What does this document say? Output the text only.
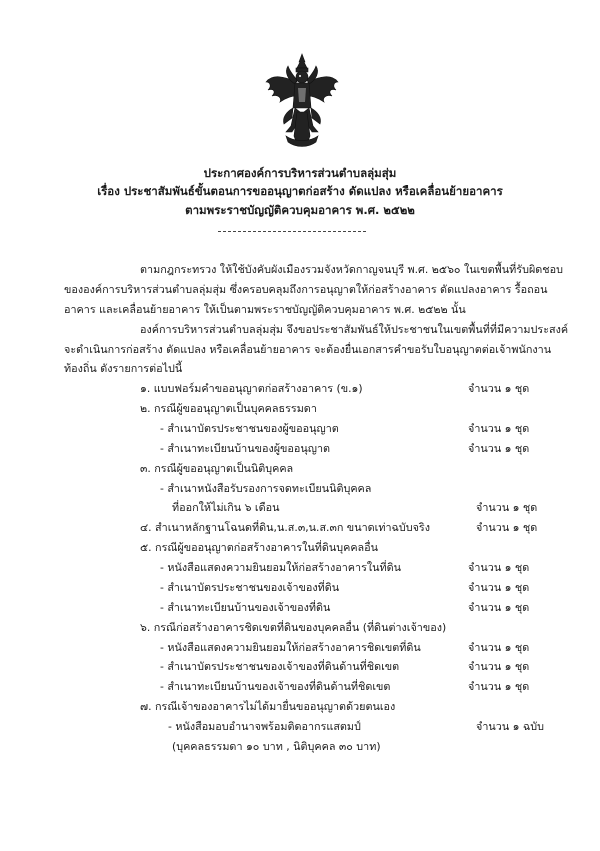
ประกาศองค์การบริหารส่วนตำบลลุ่มสุ่ม
เรื่อง ประชาสัมพันธ์ขั้นตอนการขออนุญาตก่อสร้าง ดัดแปลง หรือเคลื่อนย้ายอาคาร
ตามพระราชบัญญัติควบคุมอาคาร พ.ศ. ๒๕๒๒
ตามกฎกระทรวง ให้ใช้บังคับผังเมืองรวมจังหวัดกาญจนบุรี พ.ศ. ๒๕๖๐ ในเขตพื้นที่รับผิดชอบ
ขององค์การบริหารส่วนตำบลลุ่มสุ่ม ซึ่งครอบคลุมถึงการอนุญาตให้ก่อสร้างอาคาร ดัดแปลงอาคาร รื้อถอน
อาคาร และเคลื่อนย้ายอาคาร ให้เป็นตามพระราชบัญญัติควบคุมอาคาร พ.ศ. ๒๕๒๒ นั้น
องค์การบริหารส่วนตำบลลุ่มสุ่ม จึงขอประชาสัมพันธ์ให้ประชาชนในเขตพื้นที่ที่มีความประสงค์
จะดำเนินการก่อสร้าง ดัดแปลง หรือเคลื่อนย้ายอาคาร จะต้องยื่นเอกสารคำขอรับใบอนุญาตต่อเจ้าพนักงาน
ท้องถิ่น ดังรายการต่อไปนี้
๑. แบบฟอร์มคำขออนุญาตก่อสร้างอาคาร (ข.๑)	จำนวน ๑ ชุด
๒. กรณีผู้ขออนุญาตเป็นบุคคลธรรมดา
- สำเนาบัตรประชาชนของผู้ขออนุญาต	จำนวน ๑ ชุด
- สำเนาทะเบียนบ้านของผู้ขออนุญาต	จำนวน ๑ ชุด
๓. กรณีผู้ขออนุญาตเป็นนิติบุคคล
- สำเนาหนังสือรับรองการจดทะเบียนนิติบุคคล
ที่ออกให้ไม่เกิน ๖ เดือน	จำนวน ๑ ชุด
๔. สำเนาหลักฐานโฉนดที่ดิน,น.ส.๓,น.ส.๓ก ขนาดเท่าฉบับจริง	จำนวน ๑ ชุด
๕. กรณีผู้ขออนุญาตก่อสร้างอาคารในที่ดินบุคคลอื่น
- หนังสือแสดงความยินยอมให้ก่อสร้างอาคารในที่ดิน	จำนวน ๑ ชุด
- สำเนาบัตรประชาชนของเจ้าของที่ดิน	จำนวน ๑ ชุด
- สำเนาทะเบียนบ้านของเจ้าของที่ดิน	จำนวน ๑ ชุด
๖. กรณีก่อสร้างอาคารชิดเขตที่ดินของบุคคลอื่น (ที่ดินต่างเจ้าของ)
- หนังสือแสดงความยินยอมให้ก่อสร้างอาคารชิดเขตที่ดิน	จำนวน ๑ ชุด
- สำเนาบัตรประชาชนของเจ้าของที่ดินด้านที่ชิดเขต	จำนวน ๑ ชุด
- สำเนาทะเบียนบ้านของเจ้าของที่ดินด้านที่ชิดเขต	จำนวน ๑ ชุด
๗. กรณีเจ้าของอาคารไม่ได้มายื่นขออนุญาตด้วยตนเอง
- หนังสือมอบอำนาจพร้อมติดอากรแสตมป์	จำนวน ๑ ฉบับ
(บุคคลธรรมดา ๑๐ บาท , นิติบุคคล ๓๐ บาท)
